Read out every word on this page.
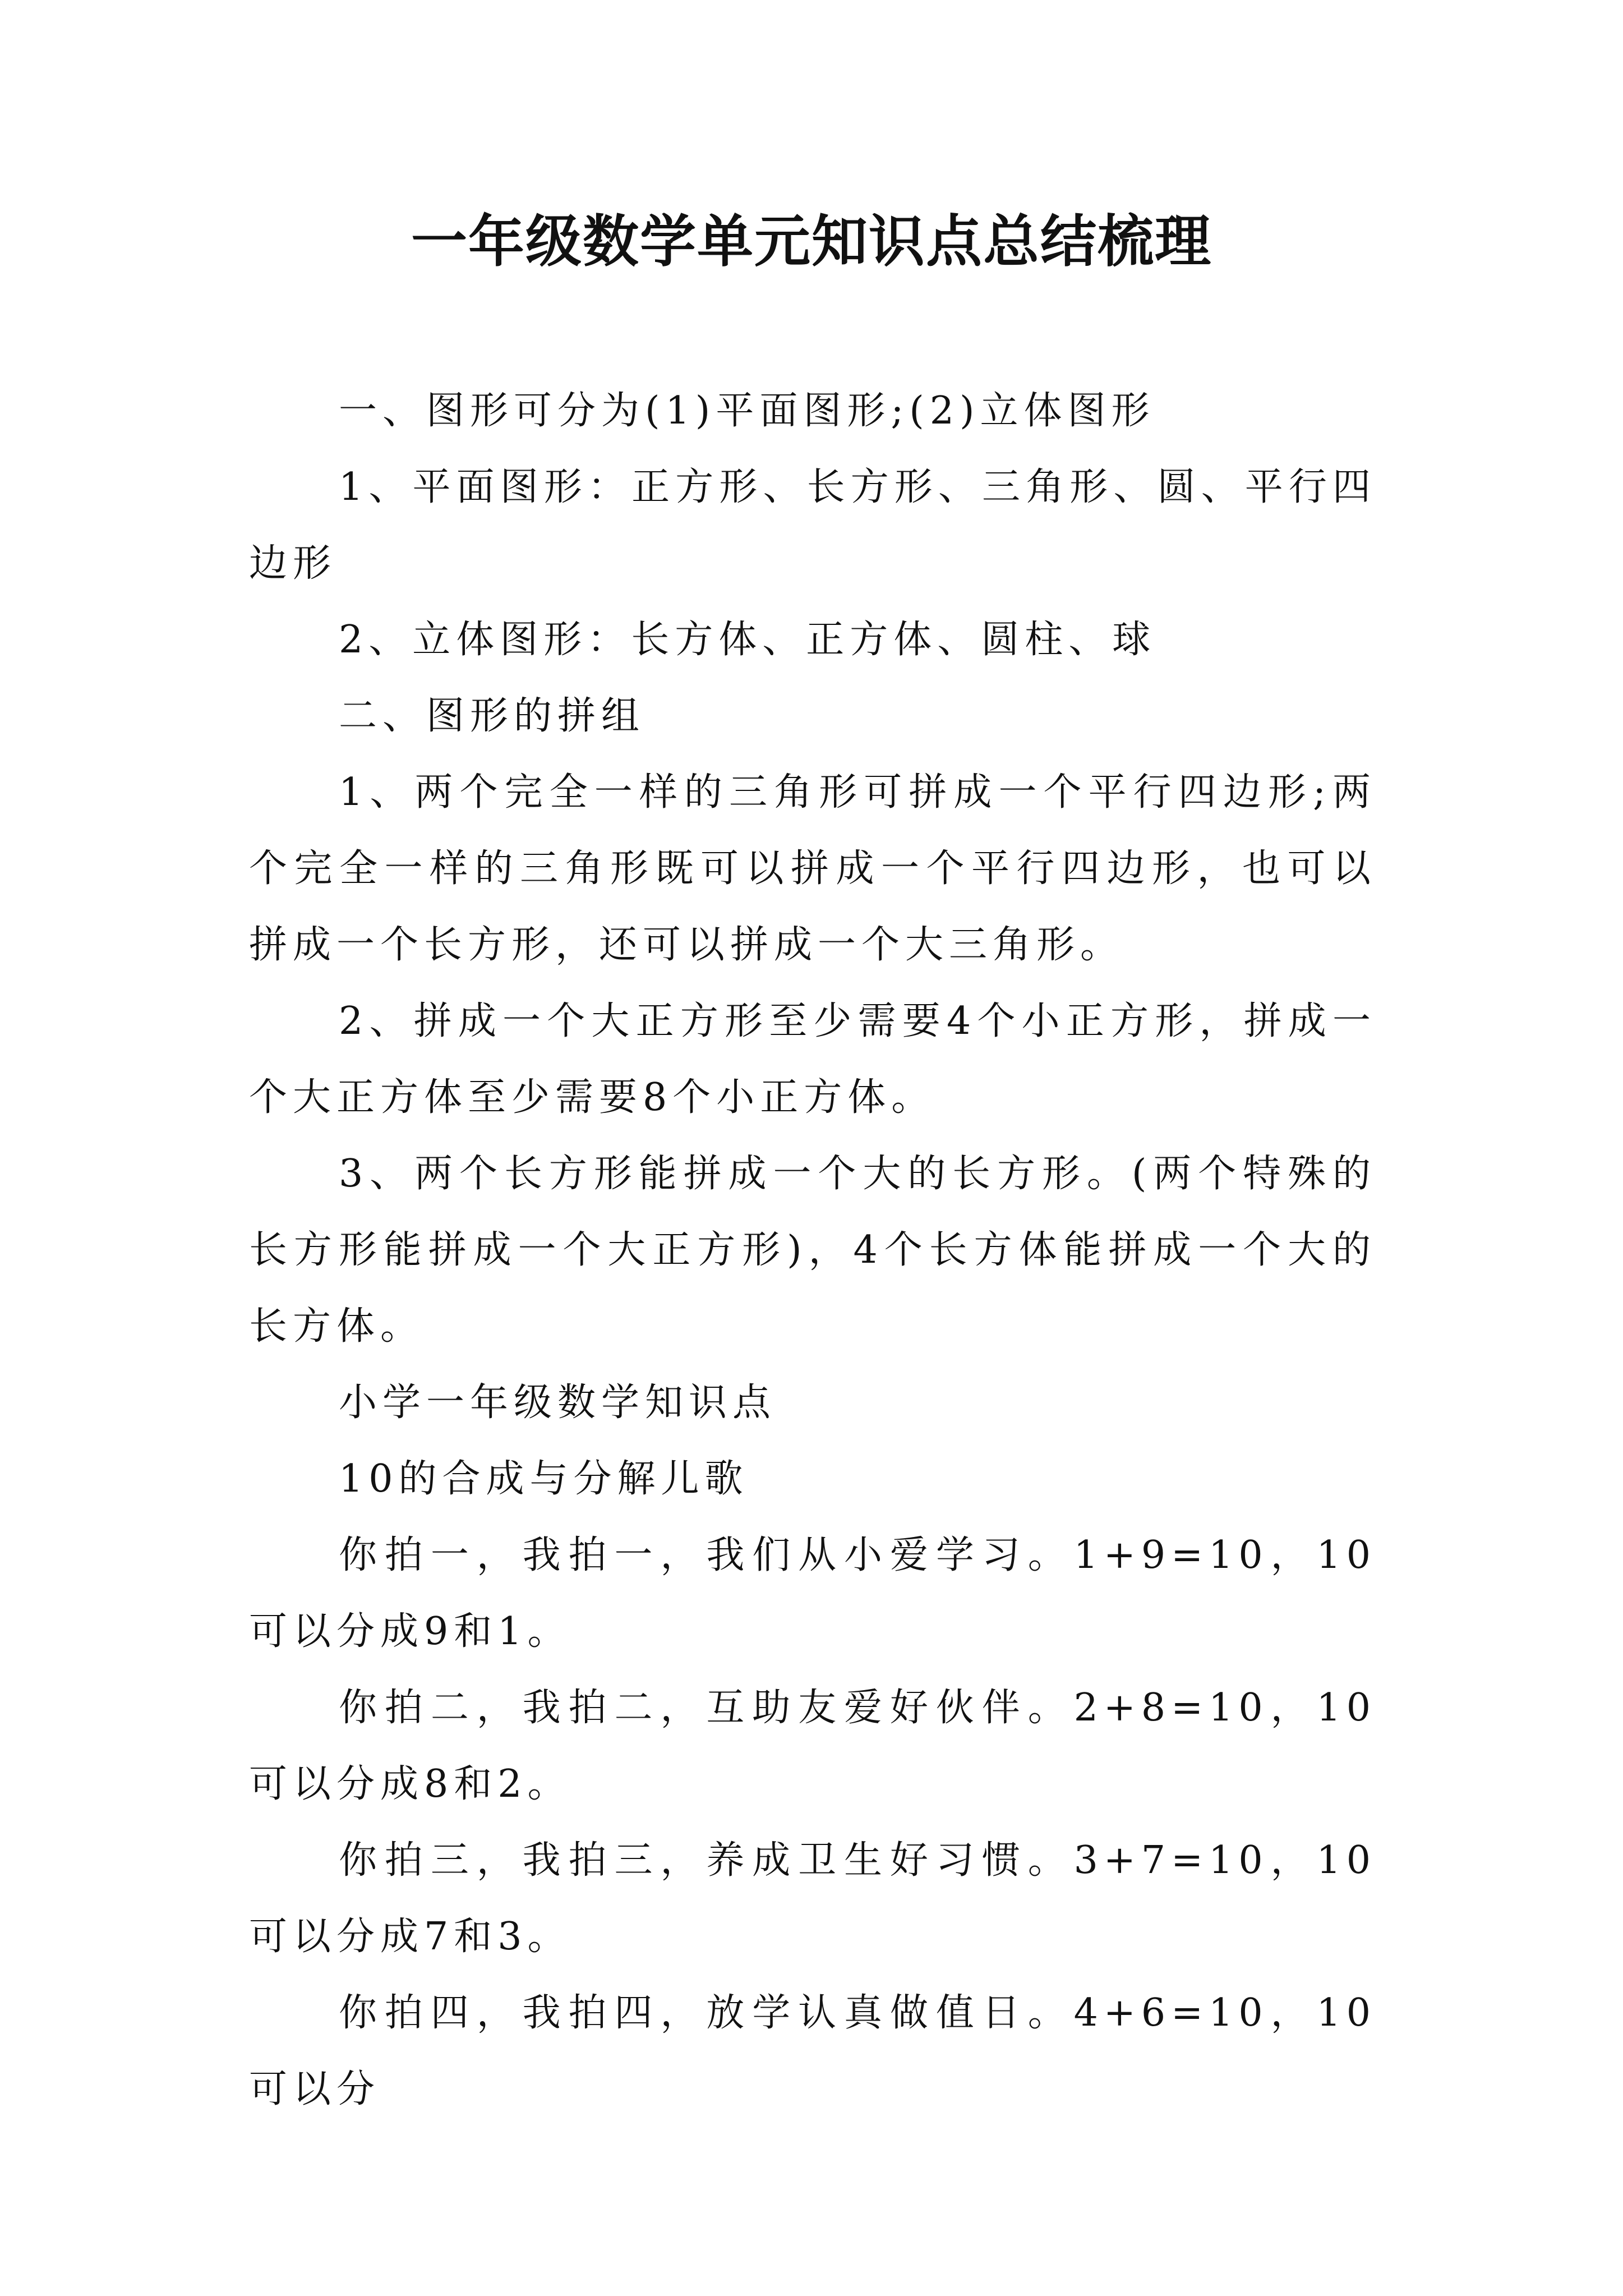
一年级数学单元知识点总结梳理

一、图形可分为(1)平面图形;(2)立体图形

1、平面图形：正方形、长方形、三角形、圆、平行四边形

2、立体图形：长方体、正方体、圆柱、球

二、图形的拼组

1、两个完全一样的三角形可拼成一个平行四边形;两个完全一样的三角形既可以拼成一个平行四边形，也可以拼成一个长方形，还可以拼成一个大三角形。

2、拼成一个大正方形至少需要4个小正方形，拼成一个大正方体至少需要8个小正方体。

3、两个长方形能拼成一个大的长方形。(两个特殊的长方形能拼成一个大正方形)，4个长方体能拼成一个大的长方体。

小学一年级数学知识点

10的合成与分解儿歌

你拍一，我拍一，我们从小爱学习。1+9=10，10可以分成9和1。

你拍二，我拍二，互助友爱好伙伴。2+8=10，10可以分成8和2。

你拍三，我拍三，养成卫生好习惯。3+7=10，10可以分成7和3。

你拍四，我拍四，放学认真做值日。4+6=10，10可以分
